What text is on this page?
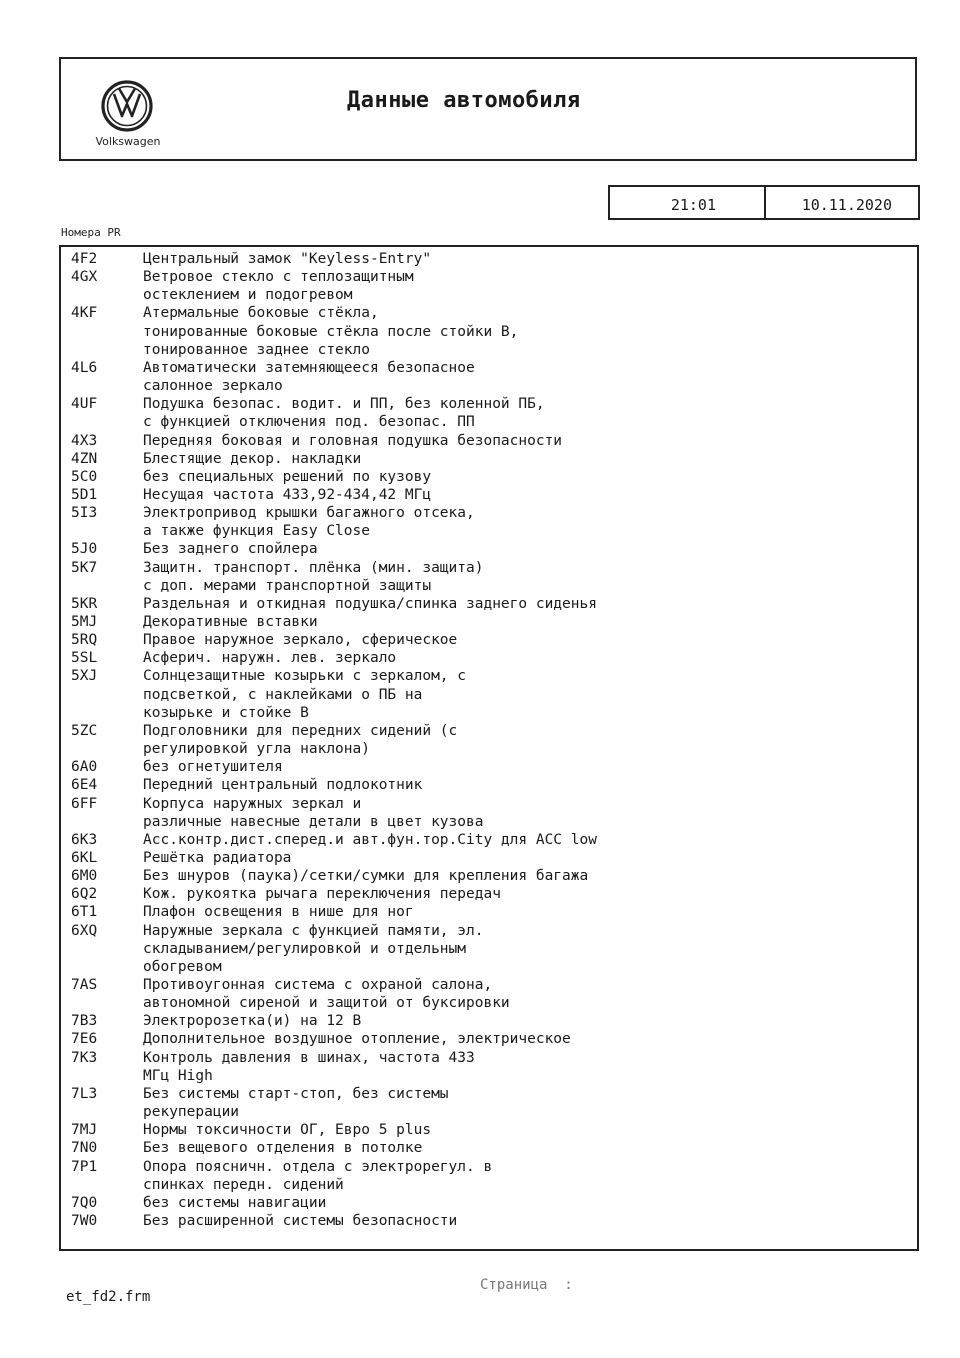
Volkswagen
Данные автомобиля
21:01	10.11.2020
Номера PR
4F2	Центральный замок "Keyless-Entry"
4GX	Ветровое стекло с теплозащитным
остеклением и подогревом
4KF	Атермальные боковые стёкла,
тонированные боковые стёкла после стойки B,
тонированное заднее стекло
4L6	Автоматически затемняющееся безопасное
салонное зеркало
4UF	Подушка безопас. водит. и ПП, без коленной ПБ,
с функцией отключения под. безопас. ПП
4X3	Передняя боковая и головная подушка безопасности
4ZN	Блестящие декор. накладки
5C0	без специальных решений по кузову
5D1	Несущая частота 433,92-434,42 МГц
5I3	Электропривод крышки багажного отсека,
а также функция Easy Close
5J0	Без заднего спойлера
5K7	Защитн. транспорт. плёнка (мин. защита)
с доп. мерами транспортной защиты
5KR	Раздельная и откидная подушка/спинка заднего сиденья
5MJ	Декоративные вставки
5RQ	Правое наружное зеркало, сферическое
5SL	Асферич. наружн. лев. зеркало
5XJ	Солнцезащитные козырьки с зеркалом, с
подсветкой, с наклейками о ПБ на
козырьке и стойке B
5ZC	Подголовники для передних сидений (с
регулировкой угла наклона)
6A0	без огнетушителя
6E4	Передний центральный подлокотник
6FF	Корпуса наружных зеркал и
различные навесные детали в цвет кузова
6K3	Асс.контр.дист.сперед.и авт.фун.тор.City для ACC low
6KL	Решётка радиатора
6M0	Без шнуров (паука)/сетки/сумки для крепления багажа
6Q2	Кож. рукоятка рычага переключения передач
6T1	Плафон освещения в нише для ног
6XQ	Наружные зеркала с функцией памяти, эл.
складыванием/регулировкой и отдельным
обогревом
7AS	Противоугонная система с охраной салона,
автономной сиреной и защитой от буксировки
7B3	Электророзетка(и) на 12 В
7E6	Дополнительное воздушное отопление, электрическое
7K3	Контроль давления в шинах, частота 433
МГц High
7L3	Без системы старт-стоп, без системы
рекуперации
7MJ	Нормы токсичности ОГ, Евро 5 plus
7N0	Без вещевого отделения в потолке
7P1	Опора поясничн. отдела с электрорегул. в
спинках передн. сидений
7Q0	без системы навигации
7W0	Без расширенной системы безопасности
et_fd2.frm
Страница  :
